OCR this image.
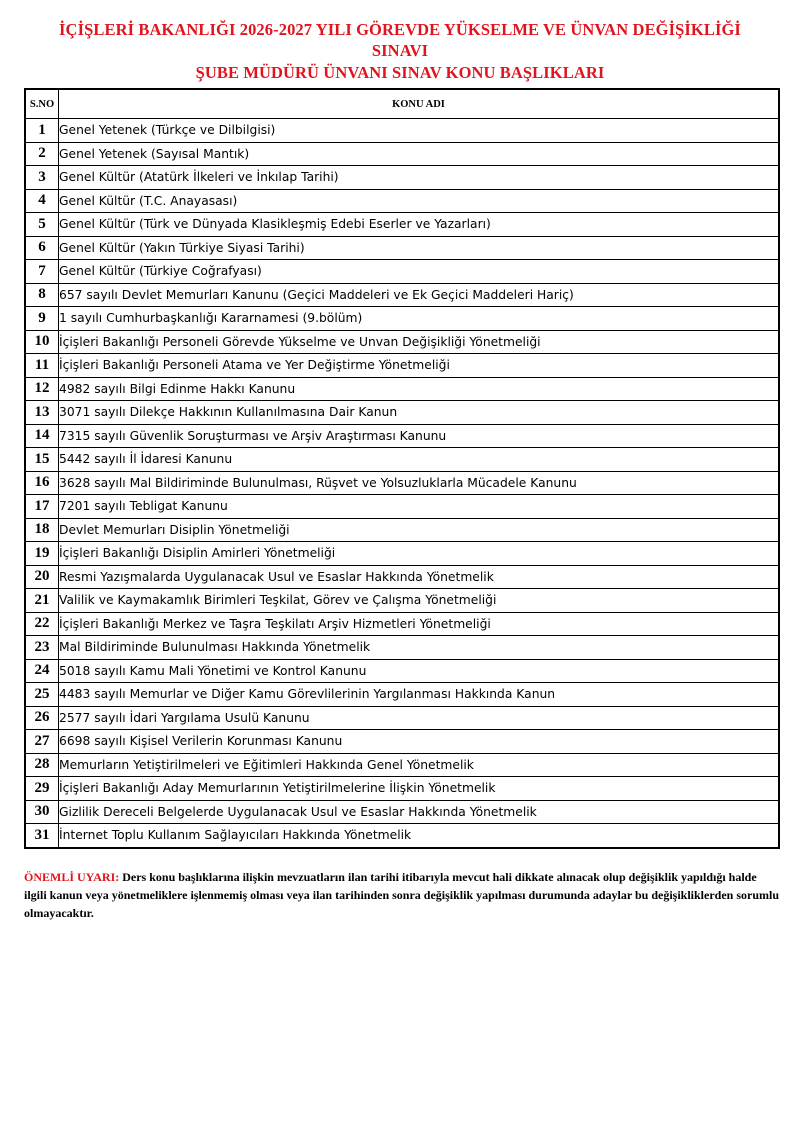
İÇİŞLERİ BAKANLIĞI 2026-2027 YILI GÖREVDE YÜKSELME VE ÜNVAN DEĞİŞİKLİĞİ
SINAVI
ŞUBE MÜDÜRÜ ÜNVANI SINAV KONU BAŞLIKLARI
S.NO	KONU ADI
1	Genel Yetenek (Türkçe ve Dilbilgisi)
2	Genel Yetenek (Sayısal Mantık)
3	Genel Kültür (Atatürk İlkeleri ve İnkılap Tarihi)
4	Genel Kültür (T.C. Anayasası)
5	Genel Kültür (Türk ve Dünyada Klasikleşmiş Edebi Eserler ve Yazarları)
6	Genel Kültür (Yakın Türkiye Siyasi Tarihi)
7	Genel Kültür (Türkiye Coğrafyası)
8	657 sayılı Devlet Memurları Kanunu (Geçici Maddeleri ve Ek Geçici Maddeleri Hariç)
9	1 sayılı Cumhurbaşkanlığı Kararnamesi (9.bölüm)
10	İçişleri Bakanlığı Personeli Görevde Yükselme ve Unvan Değişikliği Yönetmeliği
11	İçişleri Bakanlığı Personeli Atama ve Yer Değiştirme Yönetmeliği
12	4982 sayılı Bilgi Edinme Hakkı Kanunu
13	3071 sayılı Dilekçe Hakkının Kullanılmasına Dair Kanun
14	7315 sayılı Güvenlik Soruşturması ve Arşiv Araştırması Kanunu
15	5442 sayılı İl İdaresi Kanunu
16	3628 sayılı Mal Bildiriminde Bulunulması, Rüşvet ve Yolsuzluklarla Mücadele Kanunu
17	7201 sayılı Tebligat Kanunu
18	Devlet Memurları Disiplin Yönetmeliği
19	İçişleri Bakanlığı Disiplin Amirleri Yönetmeliği
20	Resmi Yazışmalarda Uygulanacak Usul ve Esaslar Hakkında Yönetmelik
21	Valilik ve Kaymakamlık Birimleri Teşkilat, Görev ve Çalışma Yönetmeliği
22	İçişleri Bakanlığı Merkez ve Taşra Teşkilatı Arşiv Hizmetleri Yönetmeliği
23	Mal Bildiriminde Bulunulması Hakkında Yönetmelik
24	5018 sayılı Kamu Mali Yönetimi ve Kontrol Kanunu
25	4483 sayılı Memurlar ve Diğer Kamu Görevlilerinin Yargılanması Hakkında Kanun
26	2577 sayılı İdari Yargılama Usulü Kanunu
27	6698 sayılı Kişisel Verilerin Korunması Kanunu
28	Memurların Yetiştirilmeleri ve Eğitimleri Hakkında Genel Yönetmelik
29	İçişleri Bakanlığı Aday Memurlarının Yetiştirilmelerine İlişkin Yönetmelik
30	Gizlilik Dereceli Belgelerde Uygulanacak Usul ve Esaslar Hakkında Yönetmelik
31	İnternet Toplu Kullanım Sağlayıcıları Hakkında Yönetmelik
ÖNEMLİ UYARI: Ders konu başlıklarına ilişkin mevzuatların ilan tarihi itibarıyla mevcut hali dikkate alınacak olup değişiklik yapıldığı halde ilgili kanun veya yönetmeliklere işlenmemiş olması veya ilan tarihinden sonra değişiklik yapılması durumunda adaylar bu değişikliklerden sorumlu olmayacaktır.
